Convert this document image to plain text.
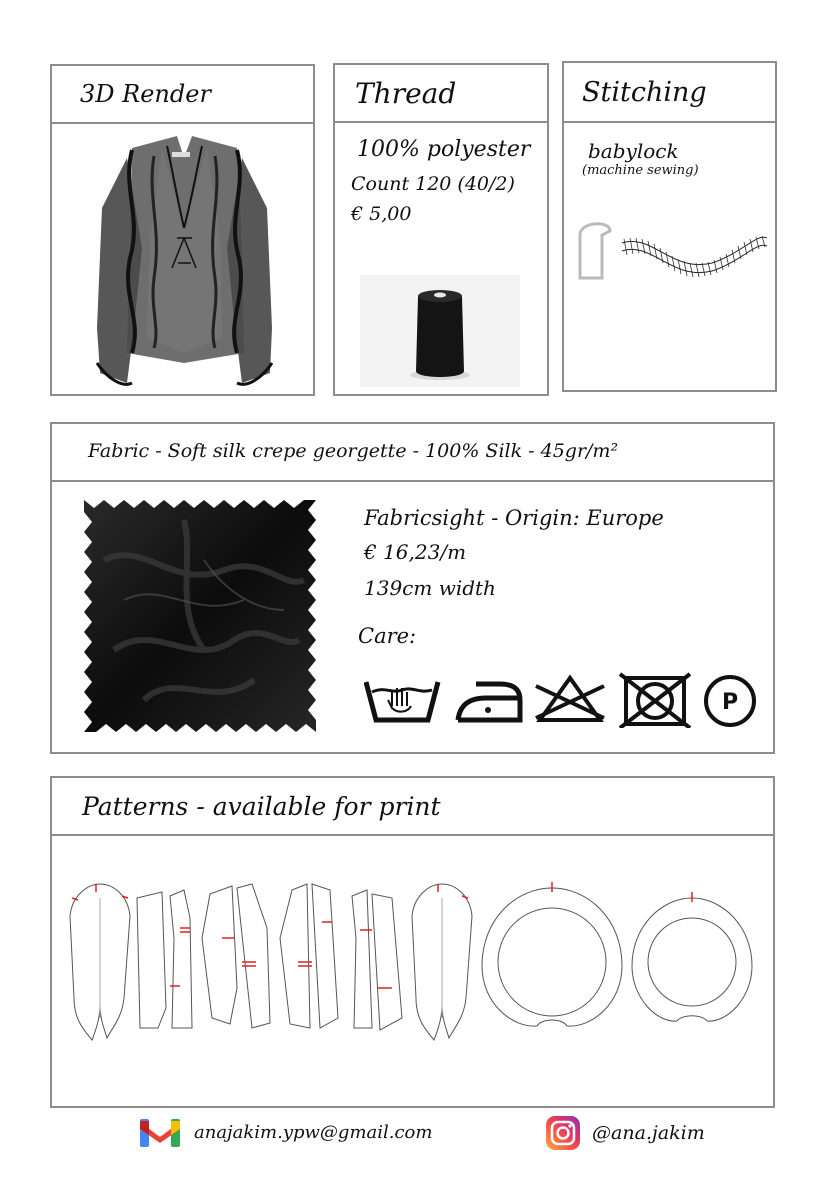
3D Render	Thread
100% polyester
Count 120 (40/2)
€ 5,00
Stitching
babylock
(machine sewing)
Fabric - Soft silk crepe georgette - 100% Silk - 45gr/m²
Fabricsight - Origin: Europe
€ 16,23/m
139cm width
Care:
P
Patterns - available for print
anajakim.ypw@gmail.com	@ana.jakim
